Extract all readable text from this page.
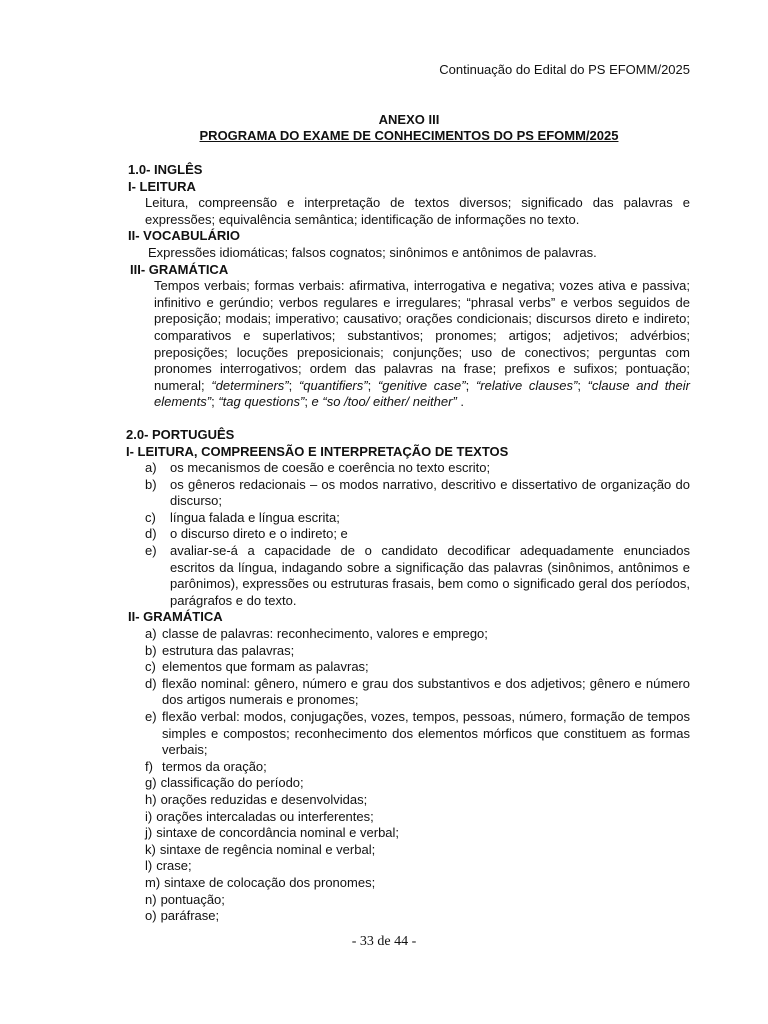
Continuação do Edital do PS EFOMM/2025
ANEXO III
PROGRAMA DO EXAME DE CONHECIMENTOS DO PS EFOMM/2025
1.0- INGLÊS
I- LEITURA
Leitura, compreensão e interpretação de textos diversos; significado das palavras e expressões; equivalência semântica; identificação de informações no texto.
II- VOCABULÁRIO
Expressões idiomáticas; falsos cognatos; sinônimos e antônimos de palavras.
III- GRAMÁTICA
Tempos verbais; formas verbais: afirmativa, interrogativa e negativa; vozes ativa e passiva; infinitivo e gerúndio; verbos regulares e irregulares; “phrasal verbs” e verbos seguidos de preposição; modais; imperativo; causativo; orações condicionais; discursos direto e indireto; comparativos e superlativos; substantivos; pronomes; artigos; adjetivos; advérbios; preposições; locuções preposicionais; conjunções; uso de conectivos; perguntas com pronomes interrogativos; ordem das palavras na frase; prefixos e sufixos; pontuação; numeral; “determiners”; “quantifiers”; “genitive case”; “relative clauses”; “clause and their elements”; “tag questions”; e “so /too/ either/ neither” .
2.0- PORTUGUÊS
I- LEITURA, COMPREENSÃO E INTERPRETAÇÃO DE TEXTOS
a)	os mecanismos de coesão e coerência no texto escrito;
b)	os gêneros redacionais – os modos narrativo, descritivo e dissertativo de organização do discurso;
c)	língua falada e língua escrita;
d)	o discurso direto e o indireto; e
e)	avaliar-se-á a capacidade de o candidato decodificar adequadamente enunciados escritos da língua, indagando sobre a significação das palavras (sinônimos, antônimos e parônimos), expressões ou estruturas frasais, bem como o significado geral dos períodos, parágrafos e do texto.
II- GRAMÁTICA
a) classe de palavras: reconhecimento, valores e emprego;
b) estrutura das palavras;
c) elementos que formam as palavras;
d) flexão nominal: gênero, número e grau dos substantivos e dos adjetivos; gênero e número dos artigos numerais e pronomes;
e) flexão verbal: modos, conjugações, vozes, tempos, pessoas, número, formação de tempos simples e compostos; reconhecimento dos elementos mórficos que constituem as formas verbais;
f) termos da oração;
g) classificação do período;
h) orações reduzidas e desenvolvidas;
i) orações intercaladas ou interferentes;
j) sintaxe de concordância nominal e verbal;
k) sintaxe de regência nominal e verbal;
l) crase;
m) sintaxe de colocação dos pronomes;
n) pontuação;
o) paráfrase;
- 33 de 44 -
